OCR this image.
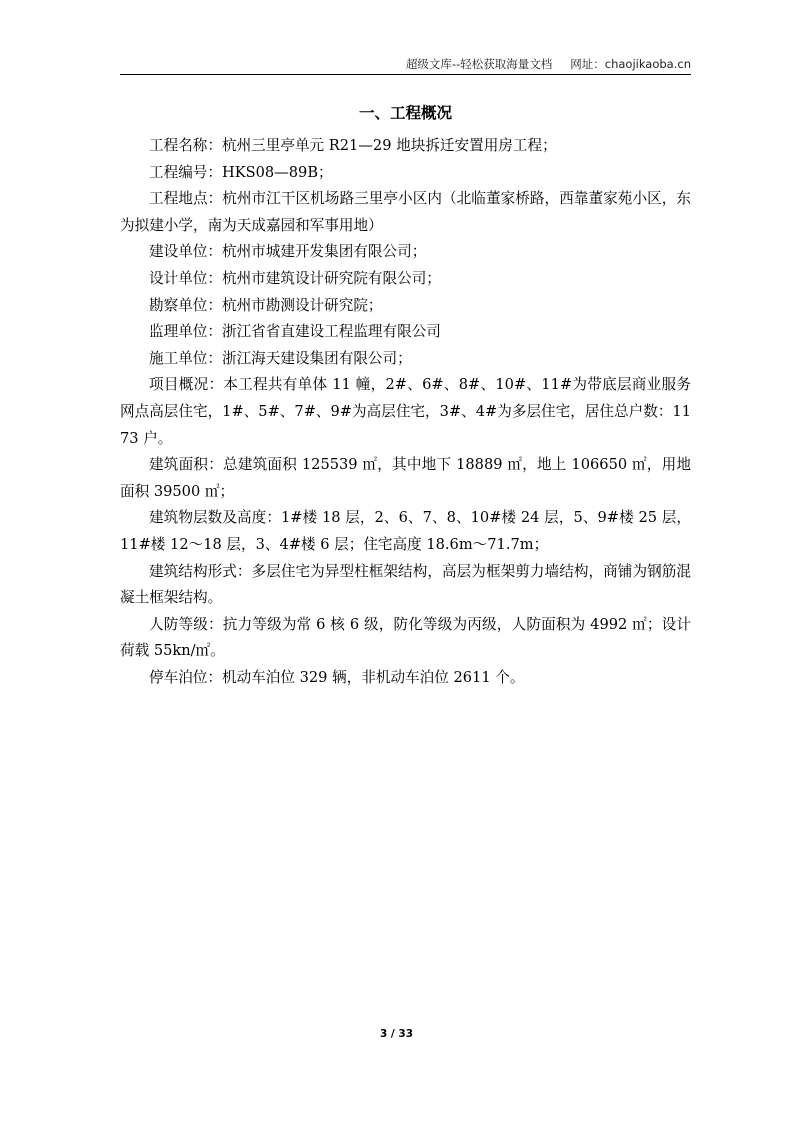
超级文库--轻松获取海量文档 网址：chaojikaoba.cn
一、工程概况

工程名称：杭州三里亭单元 R21—29 地块拆迁安置用房工程；

工程编号：HKS08—89B；

工程地点：杭州市江干区机场路三里亭小区内（北临董家桥路，西靠董家苑小区，东为拟建小学，南为天成嘉园和军事用地）

建设单位：杭州市城建开发集团有限公司；

设计单位：杭州市建筑设计研究院有限公司；

勘察单位：杭州市勘测设计研究院；

监理单位：浙江省省直建设工程监理有限公司

施工单位：浙江海天建设集团有限公司；

项目概况：本工程共有单体 11 幢，2#、6#、8#、10#、11#为带底层商业服务网点高层住宅，1#、5#、7#、9#为高层住宅，3#、4#为多层住宅，居住总户数：1173 户。

建筑面积：总建筑面积 125539 ㎡，其中地下 18889 ㎡，地上 106650 ㎡，用地面积 39500 ㎡；

建筑物层数及高度：1#楼 18 层，2、6、7、8、10#楼 24 层，5、9#楼 25 层，11#楼 12～18 层，3、4#楼 6 层；住宅高度 18.6m～71.7m；

建筑结构形式：多层住宅为异型柱框架结构，高层为框架剪力墙结构，商铺为钢筋混凝土框架结构。

人防等级：抗力等级为常 6 核 6 级，防化等级为丙级，人防面积为 4992 ㎡；设计荷载 55kn/㎡。

停车泊位：机动车泊位 329 辆，非机动车泊位 2611 个。

3 / 33
